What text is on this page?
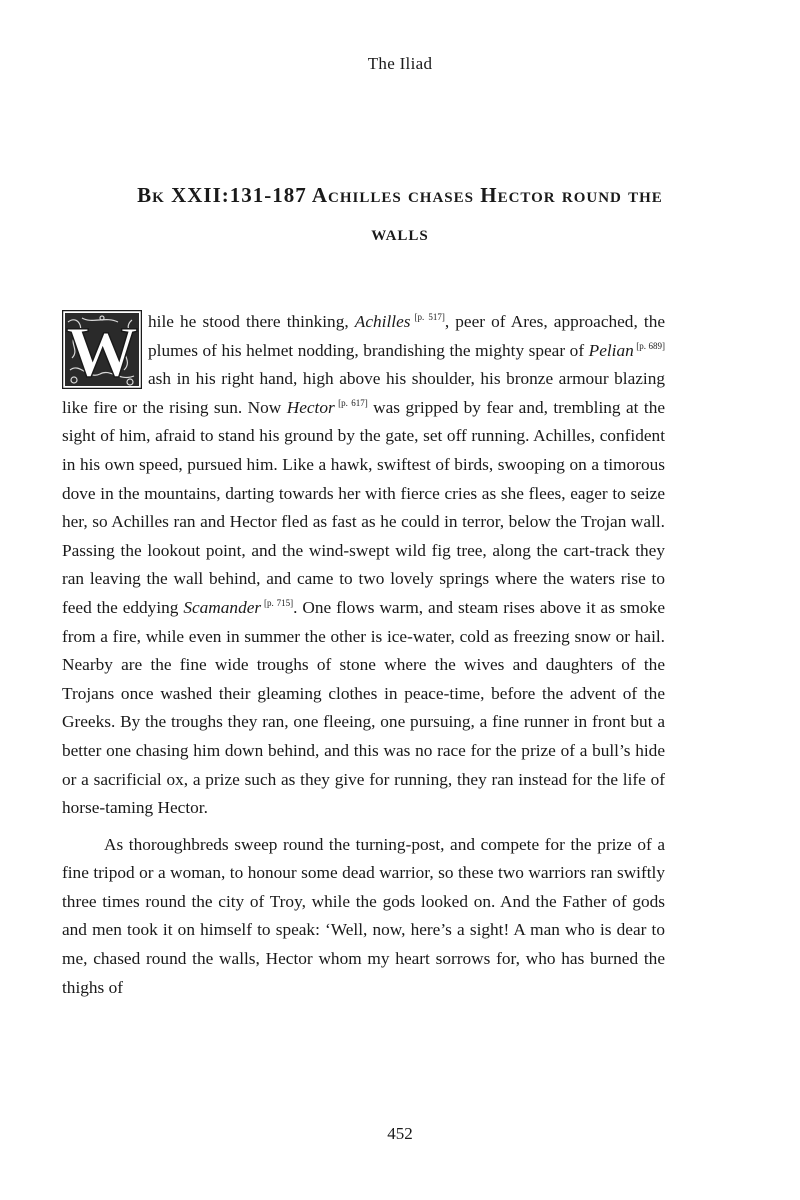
The Iliad
Bk XXII:131-187 Achilles chases Hector round the walls

W hile he stood there thinking, Achilles [p. 517], peer of Ares, approached, the plumes of his helmet nodding, brandishing the mighty spear of Pelian [p. 689] ash in his right hand, high above his shoulder, his bronze armour blazing like fire or the rising sun. Now Hector [p. 617] was gripped by fear and, trembling at the sight of him, afraid to stand his ground by the gate, set off running. Achilles, confident in his own speed, pursued him. Like a hawk, swiftest of birds, swooping on a timorous dove in the mountains, darting towards her with fierce cries as she flees, eager to seize her, so Achilles ran and Hector fled as fast as he could in terror, below the Trojan wall. Passing the lookout point, and the wind-swept wild fig tree, along the cart-track they ran leaving the wall behind, and came to two lovely springs where the waters rise to feed the eddying Scamander [p. 715]. One flows warm, and steam rises above it as smoke from a fire, while even in summer the other is ice-water, cold as freezing snow or hail. Nearby are the fine wide troughs of stone where the wives and daughters of the Trojans once washed their gleaming clothes in peace-time, before the advent of the Greeks. By the troughs they ran, one fleeing, one pursuing, a fine runner in front but a better one chasing him down behind, and this was no race for the prize of a bull’s hide or a sacrificial ox, a prize such as they give for running, they ran instead for the life of horse-taming Hector.

As thoroughbreds sweep round the turning-post, and compete for the prize of a fine tripod or a woman, to honour some dead warrior, so these two warriors ran swiftly three times round the city of Troy, while the gods looked on. And the Father of gods and men took it on himself to speak: ‘Well, now, here’s a sight! A man who is dear to me, chased round the walls, Hector whom my heart sorrows for, who has burned the thighs of

452
